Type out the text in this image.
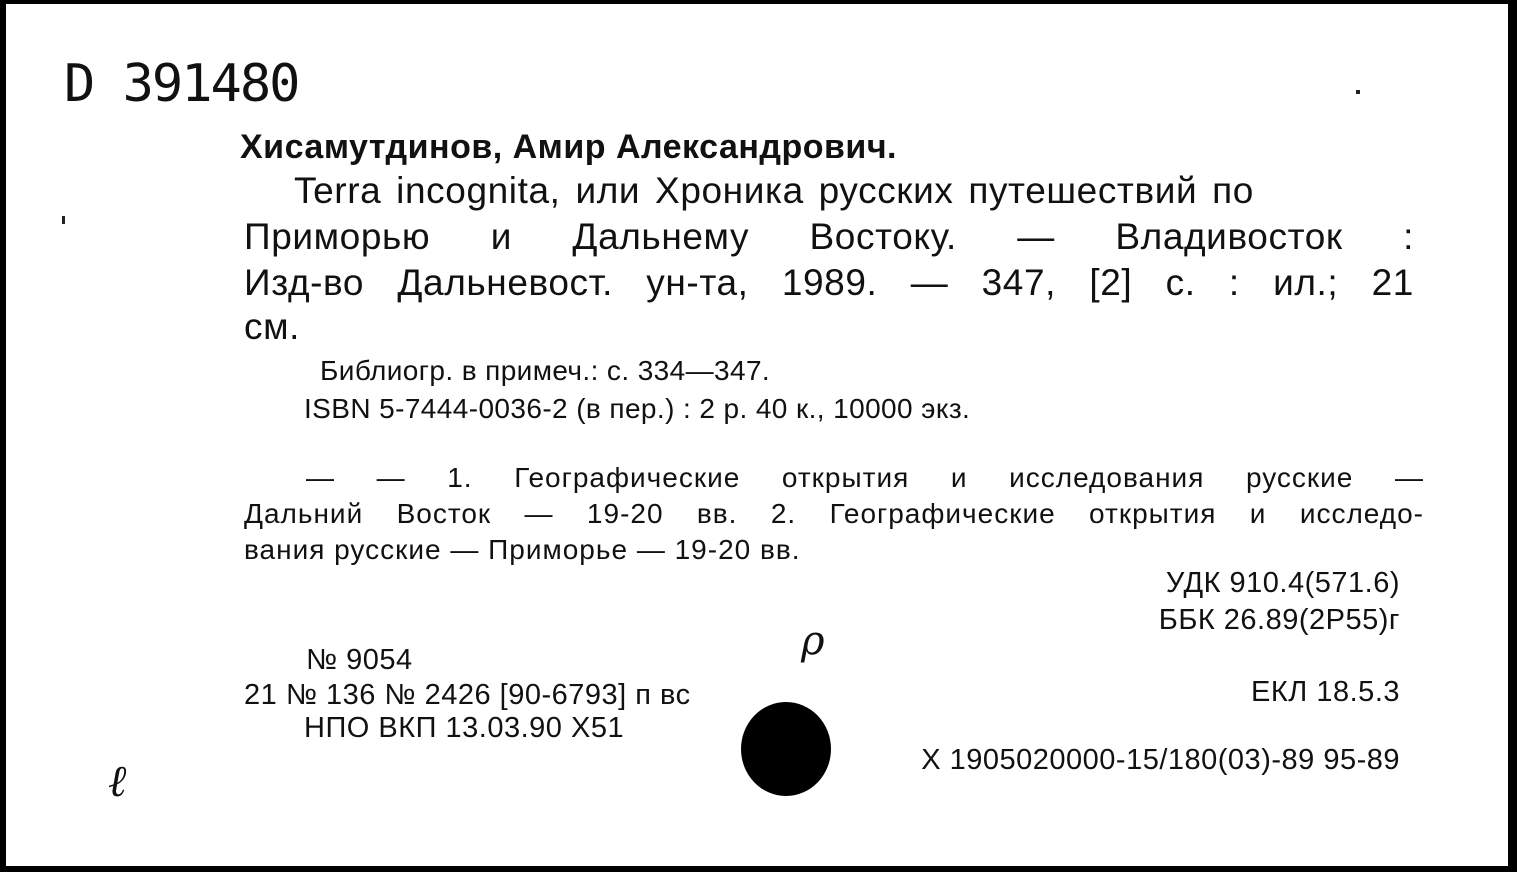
D 391480
Хисамутдинов, Амир Александрович.
Terra incognita, или Хроника русских путешествий по
Приморью и Дальнему Востоку. — Владивосток :
Изд-во Дальневост. ун-та, 1989. — 347, [2] с. : ил.; 21
см.
Библиогр. в примеч.: с. 334—347.
ISBN 5-7444-0036-2 (в пер.) : 2 р. 40 к., 10000 экз.
— — 1. Географические открытия и исследования русские —
Дальний Восток — 19-20 вв. 2. Географические открытия и исследо-
вания русские — Приморье — 19-20 вв.
УДК 910.4(571.6)
ББК 26.89(2Р55)г
ЕКЛ 18.5.3
X 1905020000-15/180(03)-89 95-89
№ 9054
21 № 136 № 2426 [90-6793] п вс
НПО ВКП 13.03.90 Х51
ρ
ℓ
